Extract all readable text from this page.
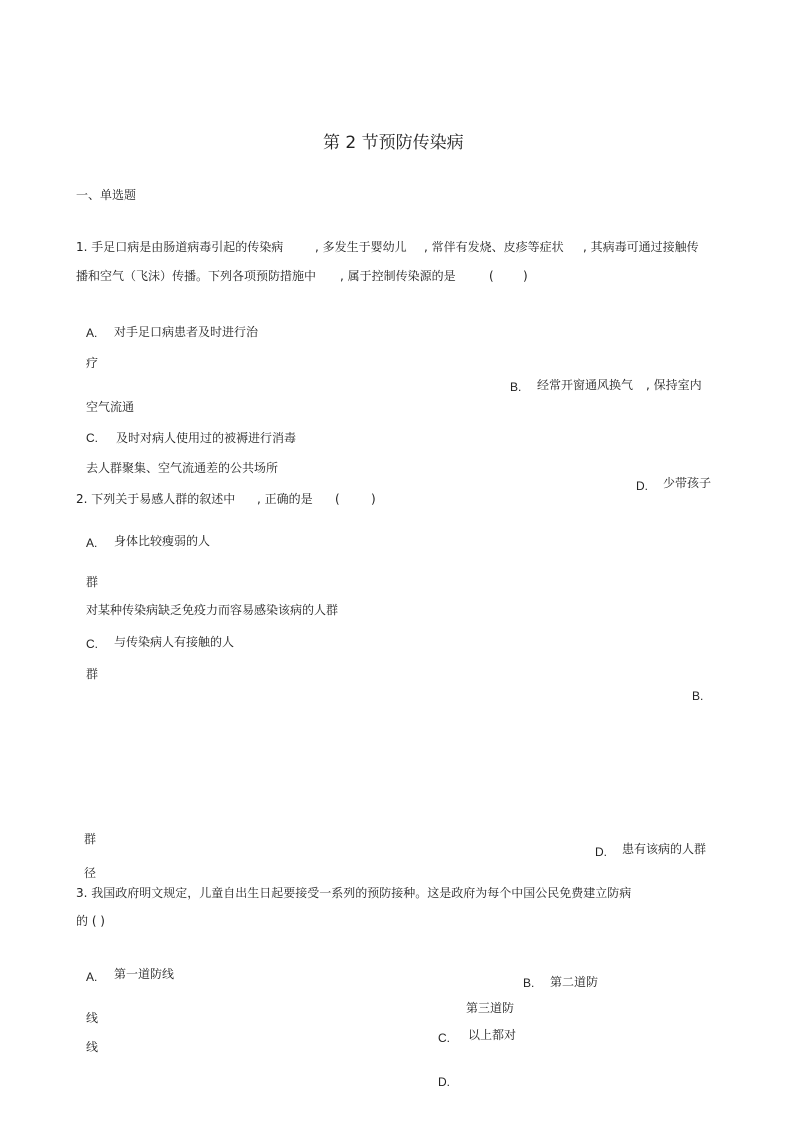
第 2 节预防传染病
一、单选题
1. 手足口病是由肠道病毒引起的传染病	, 多发生于婴幼儿 , 常伴有发烧、皮疹等症状 , 其病毒可通过接触传
播和空气（飞沫）传播。下列各项预防措施中 , 属于控制传染源的是	( )
A. 对手足口病患者及时进行治
疗
B. 经常开窗通风换气 , 保持室内
空气流通
C. 及时对病人使用过的被褥进行消毒
去人群聚集、空气流通差的公共场所
D. 少带孩子
2. 下列关于易感人群的叙述中 , 正确的是 (	)
A. 身体比较瘦弱的人
群
对某种传染病缺乏免疫力而容易感染该病的人群
C. 与传染病人有接触的人
群
B.
群
D. 患有该病的人群
径
3. 我国政府明文规定，儿童自出生日起要接受一系列的预防接种。这是政府为每个中国公民免费建立防病
的 ( )
A. 第一道防线
B. 第二道防
第三道防
线
C. 以上都对
线
D.
